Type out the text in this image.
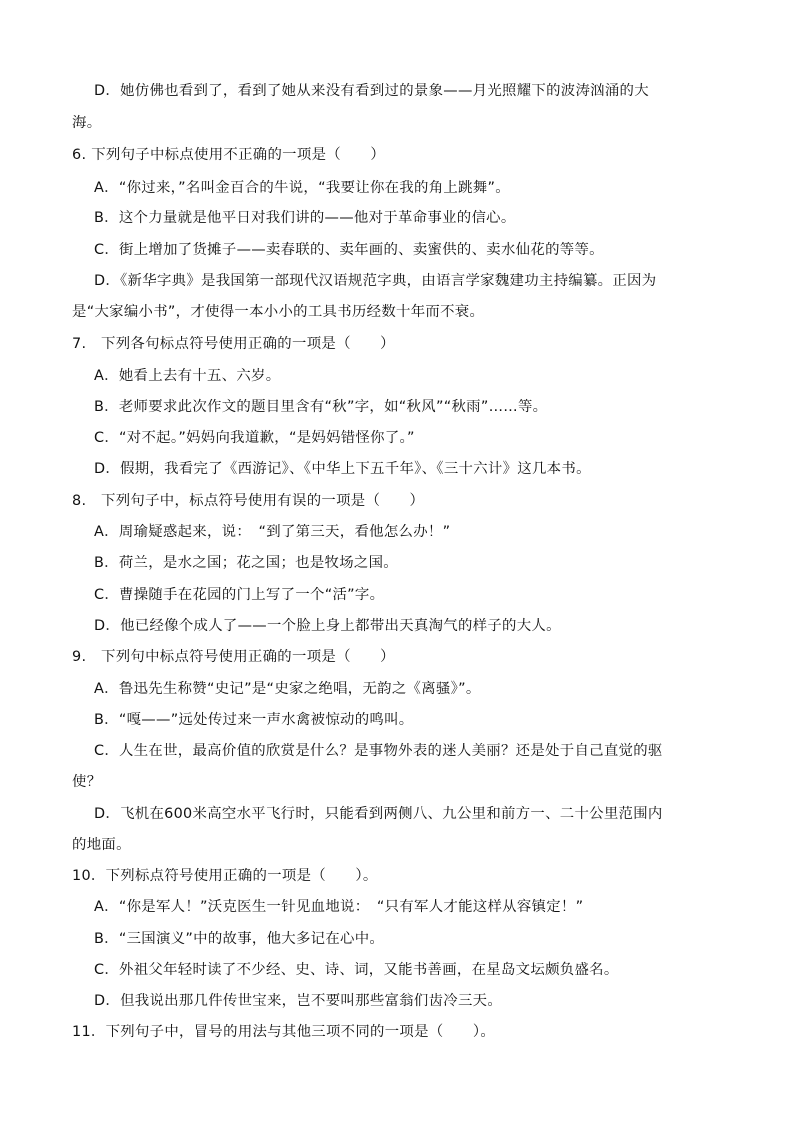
D．她仿佛也看到了，看到了她从来没有看到过的景象——月光照耀下的波涛汹涌的大
海。
6. 下列句子中标点使用不正确的一项是（　　）
A．“你过来，”名叫金百合的牛说，“我要让你在我的角上跳舞”。
B．这个力量就是他平日对我们讲的——他对于革命事业的信心。
C．街上增加了货摊子——卖春联的、卖年画的、卖蜜供的、卖水仙花的等等。
D．《新华字典》是我国第一部现代汉语规范字典，由语言学家魏建功主持编纂。正因为
是“大家编小书”，才使得一本小小的工具书历经数十年而不衰。
7.　下列各句标点符号使用正确的一项是（　　）
A．她看上去有十五、六岁。
B．老师要求此次作文的题目里含有“秋”字，如“秋风”“秋雨”……等。
C．“对不起。”妈妈向我道歉，“是妈妈错怪你了。”
D．假期，我看完了《西游记》、《中华上下五千年》、《三十六计》这几本书。
8.　下列句子中，标点符号使用有误的一项是（　　）
A．周瑜疑惑起来，说：　“到了第三天，看他怎么办！”
B．荷兰，是水之国；花之国；也是牧场之国。
C．曹操随手在花园的门上写了一个“活”字。
D．他已经像个成人了——一个脸上身上都带出天真淘气的样子的大人。
9.　下列句中标点符号使用正确的一项是（　　）
A．鲁迅先生称赞“史记”是“史家之绝唱，无韵之《离骚》”。
B．“嘎——”远处传过来一声水禽被惊动的鸣叫。
C．人生在世，最高价值的欣赏是什么？是事物外表的迷人美丽？还是处于自己直觉的驱
使？
D．飞机在600米高空水平飞行时，只能看到两侧八、九公里和前方一、二十公里范围内
的地面。
10．下列标点符号使用正确的一项是（　　）。
A．“你是军人！”沃克医生一针见血地说：　“只有军人才能这样从容镇定！”
B．“三国演义”中的故事，他大多记在心中。
C．外祖父年轻时读了不少经、史、诗、词，又能书善画，在星岛文坛颇负盛名。
D．但我说出那几件传世宝来，岂不要叫那些富翁们齿冷三天。
11．下列句子中，冒号的用法与其他三项不同的一项是（　　）。
